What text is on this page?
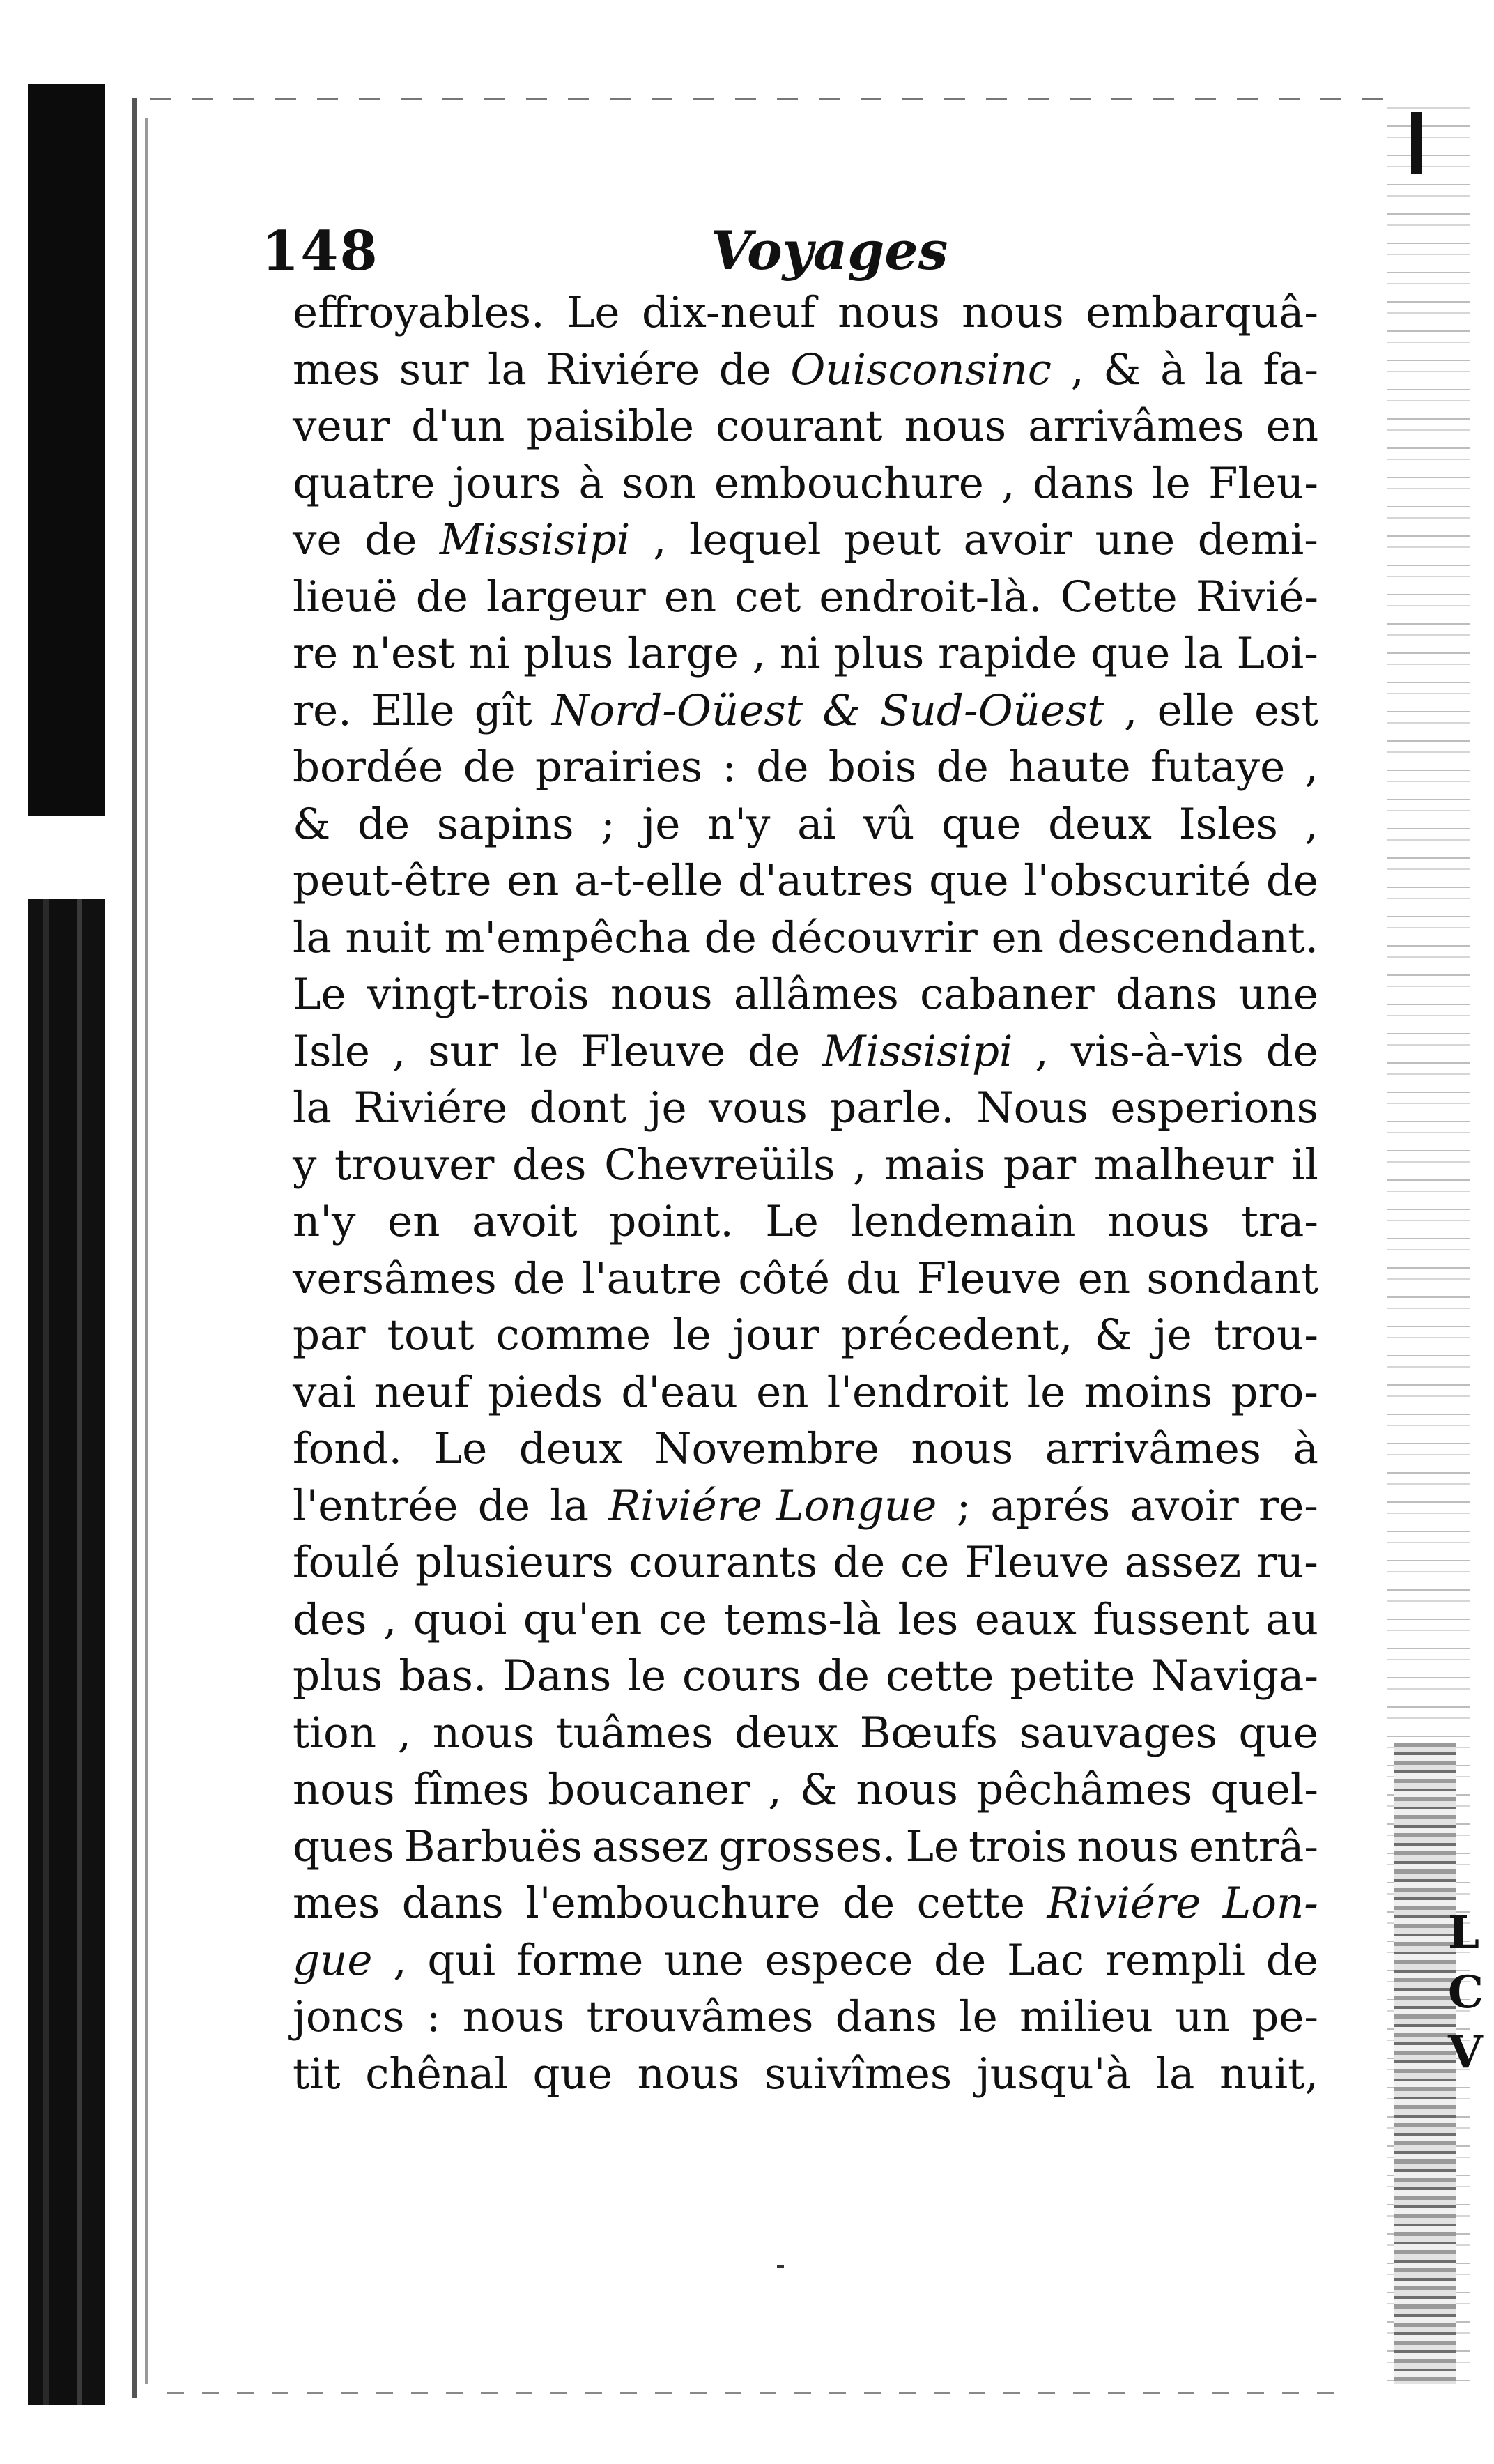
L
C
V
148	Voyages
effroyables. Le dix-neuf nous nous embarquâ-
mes sur la Riviére de Ouisconsinc , & à la fa-
veur d'un paisible courant nous arrivâmes en
quatre jours à son embouchure , dans le Fleu-
ve de Missisipi , lequel peut avoir une demi-
lieuë de largeur en cet endroit-là. Cette Rivié-
re n'est ni plus large , ni plus rapide que la Loi-
re. Elle gît Nord-Oüest & Sud-Oüest , elle est
bordée de prairies : de bois de haute futaye ,
& de sapins ; je n'y ai vû que deux Isles ,
peut-être en a-t-elle d'autres que l'obscurité de
la nuit m'empêcha de découvrir en descendant.
Le vingt-trois nous allâmes cabaner dans une
Isle , sur le Fleuve de Missisipi , vis-à-vis de
la Riviére dont je vous parle. Nous esperions
y trouver des Chevreüils , mais par malheur il
n'y en avoit point. Le lendemain nous tra-
versâmes de l'autre côté du Fleuve en sondant
par tout comme le jour précedent, & je trou-
vai neuf pieds d'eau en l'endroit le moins pro-
fond. Le deux Novembre nous arrivâmes à
l'entrée de la Riviére Longue ; aprés avoir re-
foulé plusieurs courants de ce Fleuve assez ru-
des , quoi qu'en ce tems-là les eaux fussent au
plus bas. Dans le cours de cette petite Naviga-
tion , nous tuâmes deux Bœufs sauvages que
nous fîmes boucaner , & nous pêchâmes quel-
ques Barbuës assez grosses. Le trois nous entrâ-
mes dans l'embouchure de cette Riviére Lon-
gue , qui forme une espece de Lac rempli de
joncs : nous trouvâmes dans le milieu un pe-
tit chênal que nous suivîmes jusqu'à la nuit,
